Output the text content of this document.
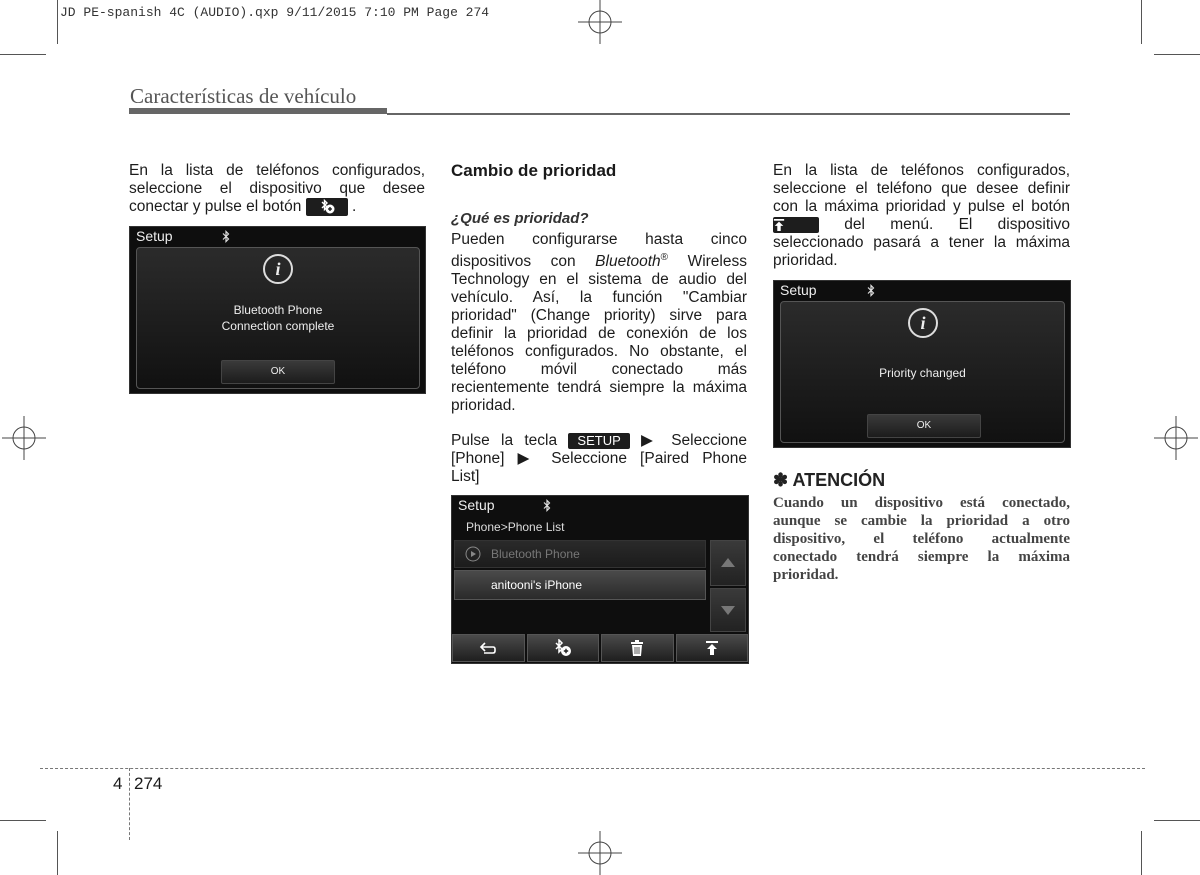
JD PE-spanish 4C (AUDIO).qxp 9/11/2015 7:10 PM Page 274
Características de vehículo
En la lista de teléfonos configurados,
seleccione el dispositivo que desee
conectar y pulse el botón	.
Setup
i
Bluetooth Phone
Connection complete
OK
Cambio de prioridad
¿Qué es prioridad?
Pueden configurarse hasta cinco
dispositivos con Bluetooth® Wireless
Technology en el sistema de audio del
vehículo. Así, la función "Cambiar
prioridad" (Change priority) sirve para
definir la prioridad de conexión de los
teléfonos configurados. No obstante, el
teléfono móvil conectado más
recientemente tendrá siempre la máxima
prioridad.
Pulse la tecla SETUP ▶ Seleccione
[Phone] ▶ Seleccione [Paired Phone
List]
Setup
Phone>Phone List
Bluetooth Phone
anitooni's iPhone
En la lista de teléfonos configurados,
seleccione el teléfono que desee definir
con la máxima prioridad y pulse el botón
del menú. El dispositivo
seleccionado pasará a tener la máxima
prioridad.
Setup
i
Priority changed
OK
✽ ATENCIÓN
Cuando un dispositivo está conectado,
aunque se cambie la prioridad a otro
dispositivo, el teléfono actualmente
conectado tendrá siempre la máxima
prioridad.
4 274
